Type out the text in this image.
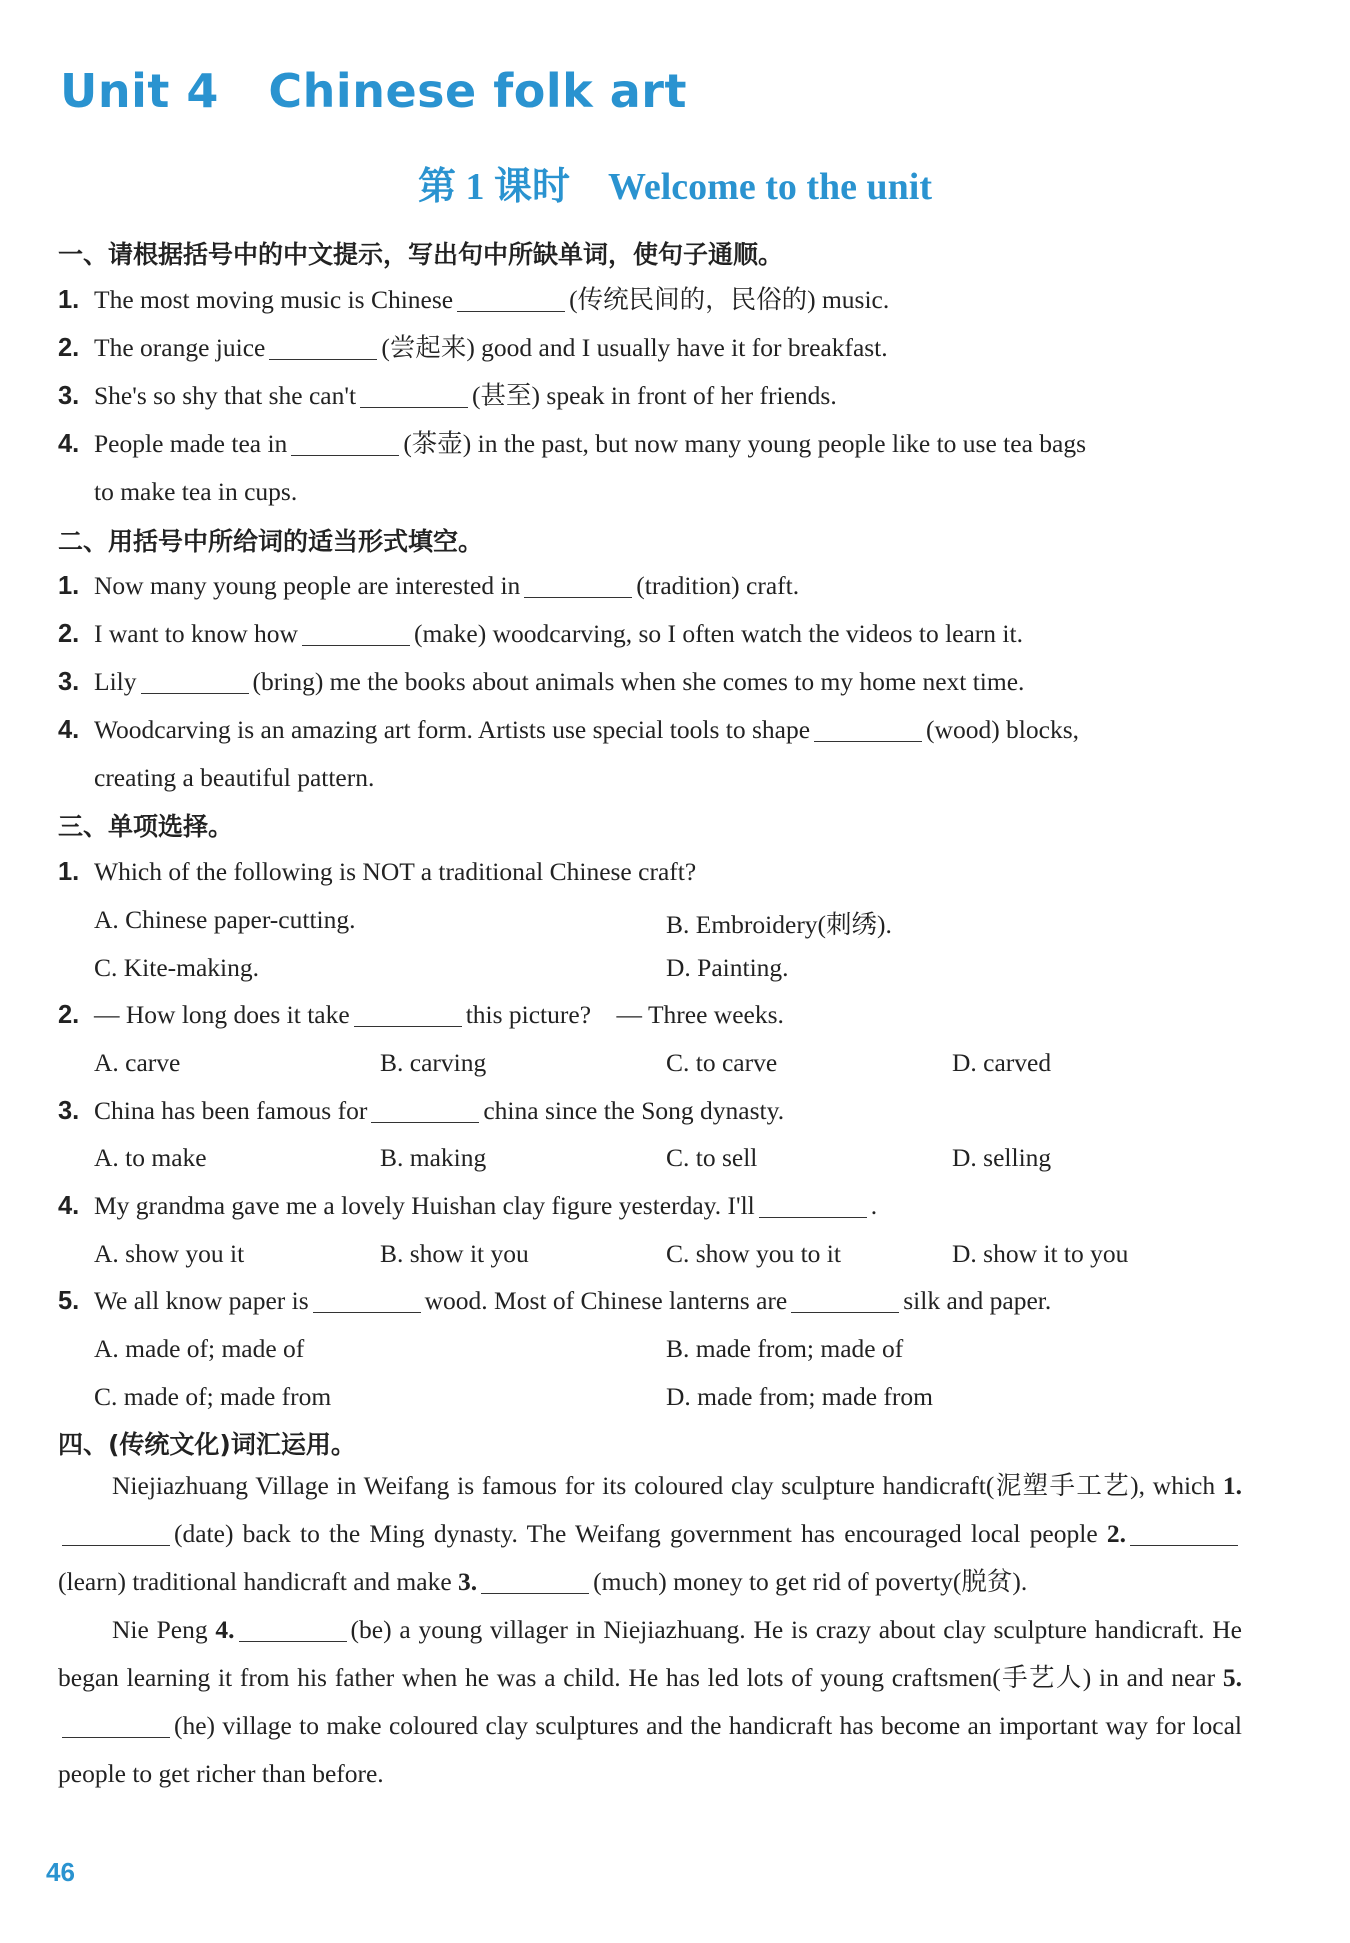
Unit 4   Chinese folk art
第 1 课时    Welcome to the unit
一、请根据括号中的中文提示，写出句中所缺单词，使句子通顺。
1. The most moving music is Chinese	(传统民间的，民俗的) music.
2. The orange juice	(尝起来) good and I usually have it for breakfast.
3. She's so shy that she can't	(甚至) speak in front of her friends.
4. People made tea in	(茶壶) in the past, but now many young people like to use tea bags
to make tea in cups.
二、用括号中所给词的适当形式填空。
1. Now many young people are interested in	(tradition) craft.
2. I want to know how	(make) woodcarving, so I often watch the videos to learn it.
3. Lily	(bring) me the books about animals when she comes to my home next time.
4. Woodcarving is an amazing art form. Artists use special tools to shape	(wood) blocks,
creating a beautiful pattern.
三、单项选择。
1. Which of the following is NOT a traditional Chinese craft?
A. Chinese paper-cutting.	B. Embroidery(刺绣).
C. Kite-making.	D. Painting.
2. — How long does it take	this picture? — Three weeks.
A. carve	B. carving	C. to carve	D. carved
3. China has been famous for	china since the Song dynasty.
A. to make	B. making	C. to sell	D. selling
4. My grandma gave me a lovely Huishan clay figure yesterday. I'll	.
A. show you it	B. show it you	C. show you to it	D. show it to you
5. We all know paper is	wood. Most of Chinese lanterns are	silk and paper.
A. made of; made of	B. made from; made of
C. made of; made from	D. made from; made from
四、(传统文化)词汇运用。

Niejiazhuang Village in Weifang is famous for its coloured clay sculpture handicraft(泥塑手工艺), which 1.(date) back to the Ming dynasty. The Weifang government has encouraged local people 2.(learn) traditional handicraft and make 3.	(much) money to get rid of poverty(脱贫).

Nie Peng 4.	(be) a young villager in Niejiazhuang. He is crazy about clay sculpture handicraft. He began learning it from his father when he was a child. He has led lots of young craftsmen(手艺人) in and near 5.(he) village to make coloured clay sculptures and the handicraft has become an important way for local people to get richer than before.

46
